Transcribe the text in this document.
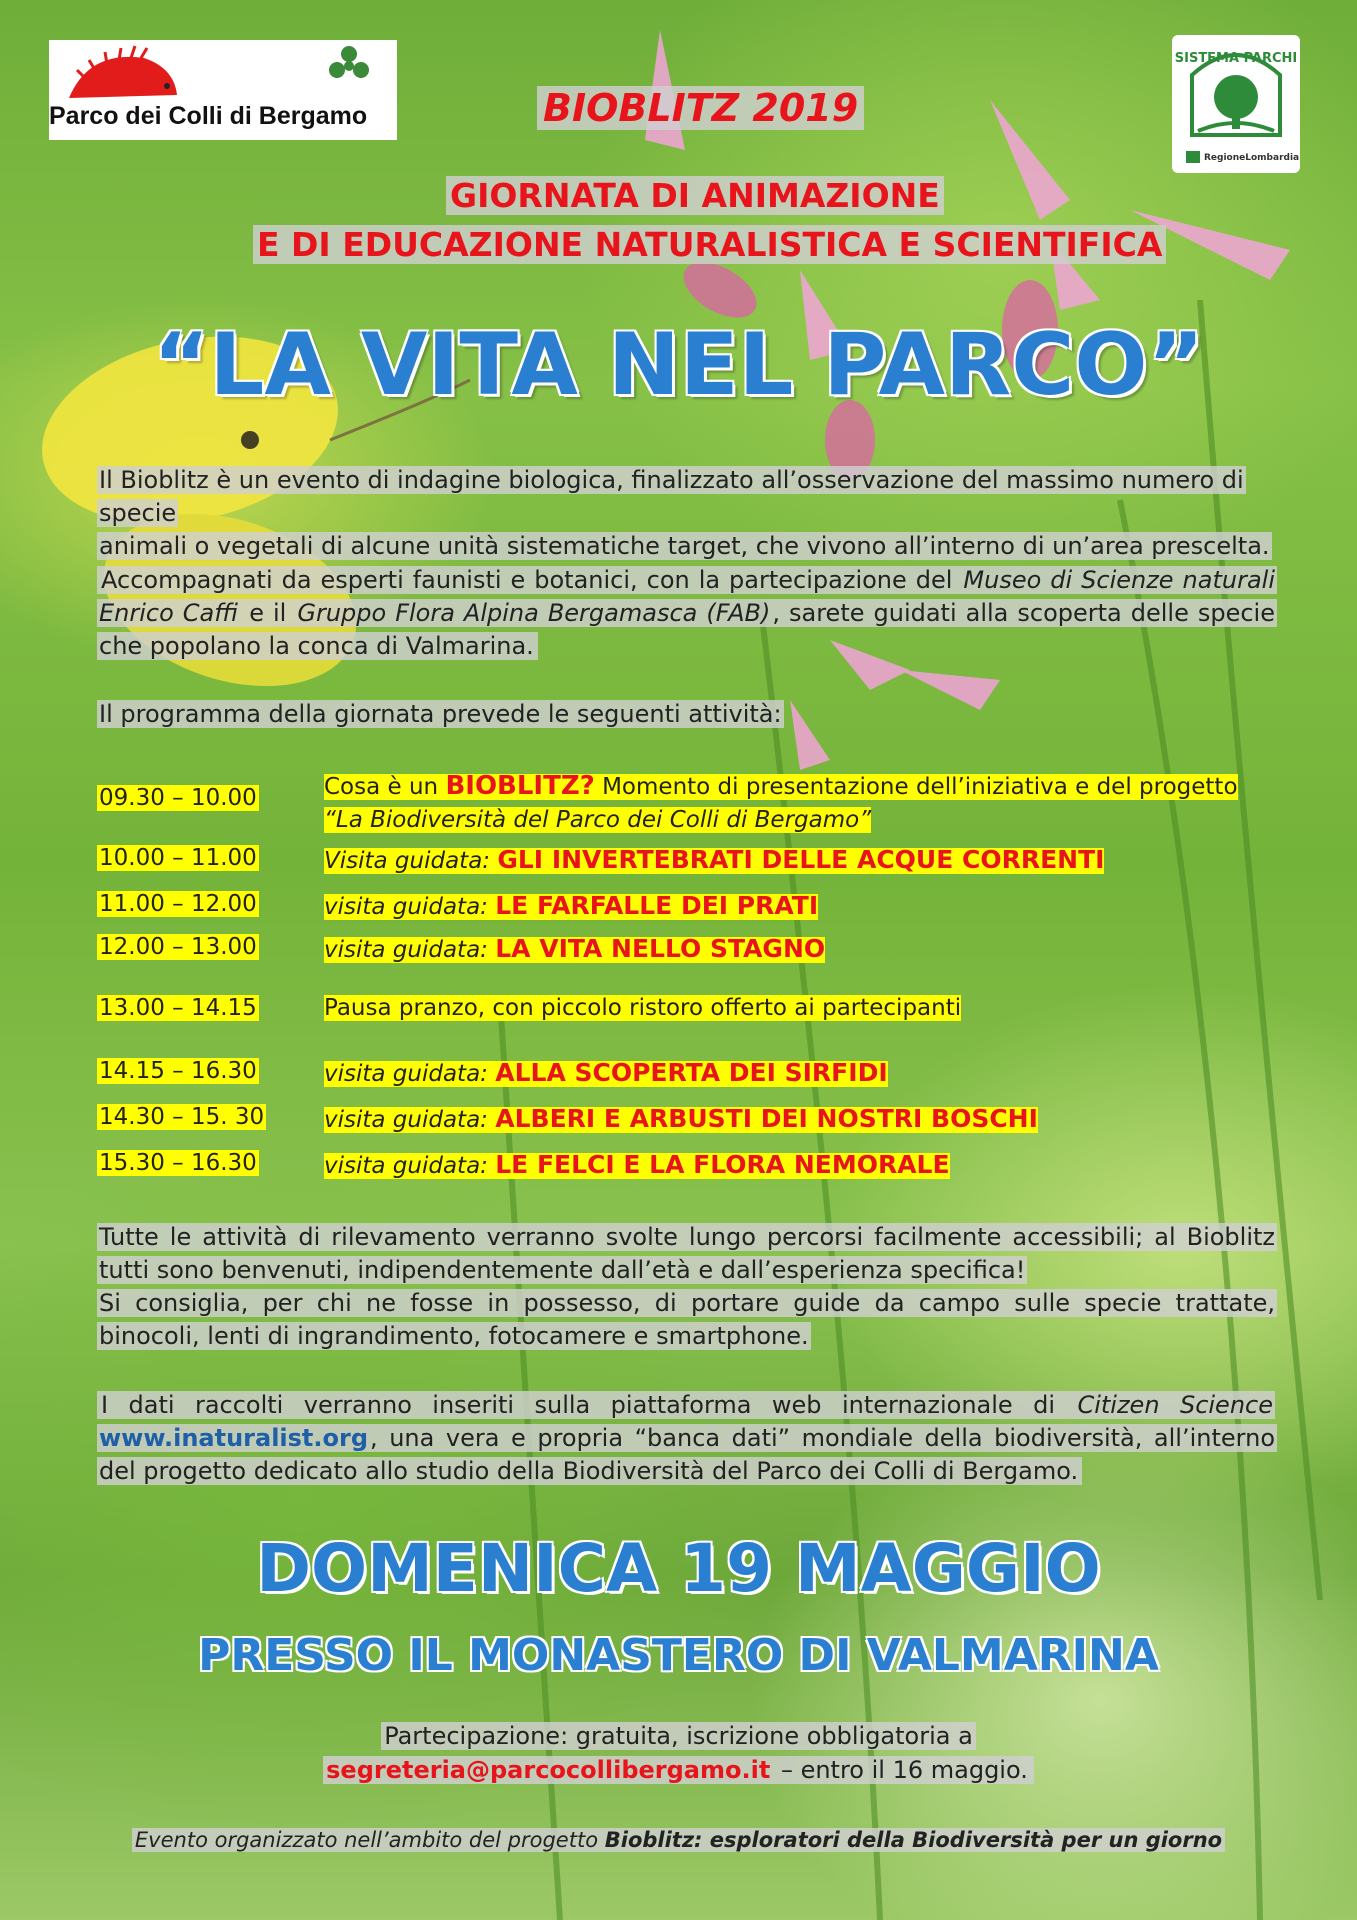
Parco dei Colli di Bergamo
SISTEMA PARCHI
RegioneLombardia
BIOBLITZ 2019
GIORNATA DI ANIMAZIONE
E DI EDUCAZIONE NATURALISTICA E SCIENTIFICA
“LA VITA NEL PARCO”
Il Bioblitz è un evento di indagine biologica, finalizzato all’osservazione del massimo numero di specie
animali o vegetali di alcune unità sistematiche target, che vivono all’interno di un’area prescelta.
Accompagnati da esperti faunisti e botanici, con la partecipazione del Museo di Scienze naturali Enrico Caffi e il Gruppo Flora Alpina Bergamasca (FAB), sarete guidati alla scoperta delle specie che popolano la conca di Valmarina.
Il programma della giornata prevede le seguenti attività:
09.30 – 10.00	Cosa è un BIOBLITZ? Momento di presentazione dell’iniziativa e del progetto
“La Biodiversità del Parco dei Colli di Bergamo”
10.00 – 11.00	Visita guidata: GLI INVERTEBRATI DELLE ACQUE CORRENTI
11.00 – 12.00	visita guidata: LE FARFALLE DEI PRATI
12.00 – 13.00	visita guidata: LA VITA NELLO STAGNO
13.00 – 14.15	Pausa pranzo, con piccolo ristoro offerto ai partecipanti
14.15 – 16.30	visita guidata: ALLA SCOPERTA DEI SIRFIDI
14.30 – 15. 30	visita guidata: ALBERI E ARBUSTI DEI NOSTRI BOSCHI
15.30 – 16.30	visita guidata: LE FELCI E LA FLORA NEMORALE
Tutte le attività di rilevamento verranno svolte lungo percorsi facilmente accessibili; al Bioblitz tutti sono benvenuti, indipendentemente dall’età e dall’esperienza specifica!
Si consiglia, per chi ne fosse in possesso, di portare guide da campo sulle specie trattate, binocoli, lenti di ingrandimento, fotocamere e smartphone.
I dati raccolti verranno inseriti sulla piattaforma web internazionale di Citizen Science www.inaturalist.org, una vera e propria “banca dati” mondiale della biodiversità, all’interno del progetto dedicato allo studio della Biodiversità del Parco dei Colli di Bergamo.
DOMENICA 19 MAGGIO
PRESSO IL MONASTERO DI VALMARINA
Partecipazione: gratuita, iscrizione obbligatoria a
segreteria@parcocollibergamo.it – entro il 16 maggio.
Evento organizzato nell’ambito del progetto Bioblitz: esploratori della Biodiversità per un giorno
